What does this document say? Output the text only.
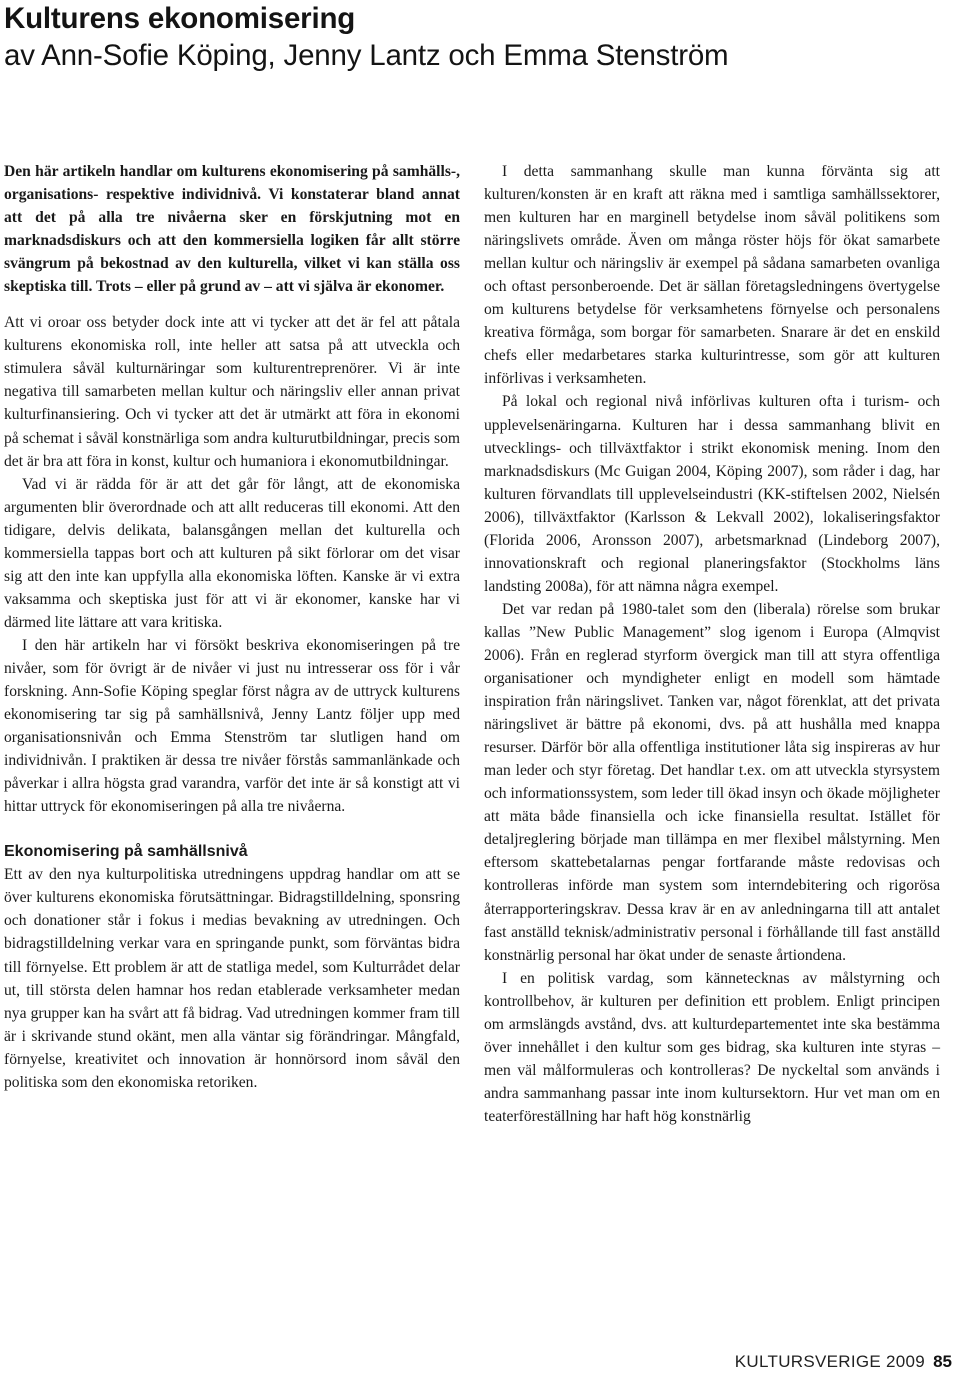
Kulturens ekonomisering
av Ann-Sofie Köping, Jenny Lantz och Emma Stenström

Den här artikeln handlar om kulturens ekonomisering på samhälls-, organisations- respektive individnivå. Vi konstaterar bland annat att det på alla tre nivåerna sker en förskjutning mot en marknadsdiskurs och att den kommersiella logiken får allt större svängrum på bekostnad av den kulturella, vilket vi kan ställa oss skeptiska till. Trots – eller på grund av – att vi själva är ekonomer.

Att vi oroar oss betyder dock inte att vi tycker att det är fel att påtala kulturens ekonomiska roll, inte heller att satsa på att utveckla och stimulera såväl kulturnäringar som kulturentreprenörer. Vi är inte negativa till samarbeten mellan kultur och näringsliv eller annan privat kulturfinansiering. Och vi tycker att det är utmärkt att föra in ekonomi på schemat i såväl konstnärliga som andra kulturutbildningar, precis som det är bra att föra in konst, kultur och humaniora i ekonomutbildningar.

Vad vi är rädda för är att det går för långt, att de ekonomiska argumenten blir överordnade och att allt reduceras till ekonomi. Att den tidigare, delvis delikata, balansgången mellan det kulturella och kommersiella tappas bort och att kulturen på sikt förlorar om det visar sig att den inte kan uppfylla alla ekonomiska löften. Kanske är vi extra vaksamma och skeptiska just för att vi är ekonomer, kanske har vi därmed lite lättare att vara kritiska.

I den här artikeln har vi försökt beskriva ekonomiseringen på tre nivåer, som för övrigt är de nivåer vi just nu intresserar oss för i vår forskning. Ann-Sofie Köping speglar först några av de uttryck kulturens ekonomisering tar sig på samhällsnivå, Jenny Lantz följer upp med organisationsnivån och Emma Stenström tar slutligen hand om individnivån. I praktiken är dessa tre nivåer förstås sammanlänkade och påverkar i allra högsta grad varandra, varför det inte är så konstigt att vi hittar uttryck för ekonomiseringen på alla tre nivåerna.

Ekonomisering på samhällsnivå

Ett av den nya kulturpolitiska utredningens uppdrag handlar om att se över kulturens ekonomiska förutsättningar. Bidragstilldelning, sponsring och donationer står i fokus i medias bevakning av utredningen. Och bidragstilldelning verkar vara en springande punkt, som förväntas bidra till förnyelse. Ett problem är att de statliga medel, som Kulturrådet delar ut, till största delen hamnar hos redan etablerade verksamheter medan nya grupper kan ha svårt att få bidrag. Vad utredningen kommer fram till är i skrivande stund okänt, men alla väntar sig förändringar. Mångfald, förnyelse, kreativitet och innovation är honnörsord inom såväl den politiska som den ekonomiska retoriken.

I detta sammanhang skulle man kunna förvänta sig att kulturen/konsten är en kraft att räkna med i samtliga samhällssektorer, men kulturen har en marginell betydelse inom såväl politikens som näringslivets område. Även om många röster höjs för ökat samarbete mellan kultur och näringsliv är exempel på sådana samarbeten ovanliga och oftast personberoende. Det är sällan företagsledningens övertygelse om kulturens betydelse för verksamhetens förnyelse och personalens kreativa förmåga, som borgar för samarbeten. Snarare är det en enskild chefs eller medarbetares starka kulturintresse, som gör att kulturen införlivas i verksamheten.

På lokal och regional nivå införlivas kulturen ofta i turism- och upplevelsenäringarna. Kulturen har i dessa sammanhang blivit en utvecklings- och tillväxtfaktor i strikt ekonomisk mening. Inom den marknadsdiskurs (Mc Guigan 2004, Köping 2007), som råder i dag, har kulturen förvandlats till upplevelseindustri (KK-stiftelsen 2002, Nielsén 2006), tillväxtfaktor (Karlsson & Lekvall 2002), lokaliseringsfaktor (Florida 2006, Aronsson 2007), arbetsmarknad (Lindeborg 2007), innovationskraft och regional planeringsfaktor (Stockholms läns landsting 2008a), för att nämna några exempel.

Det var redan på 1980-talet som den (liberala) rörelse som brukar kallas ”New Public Management” slog igenom i Europa (Almqvist 2006). Från en reglerad styrform övergick man till att styra offentliga organisationer och myndigheter enligt en modell som hämtade inspiration från näringslivet. Tanken var, något förenklat, att det privata näringslivet är bättre på ekonomi, dvs. på att hushålla med knappa resurser. Därför bör alla offentliga institutioner låta sig inspireras av hur man leder och styr företag. Det handlar t.ex. om att utveckla styrsystem och informationssystem, som leder till ökad insyn och ökade möjligheter att mäta både finansiella och icke finansiella resultat. Istället för detaljreglering började man tillämpa en mer flexibel målstyrning. Men eftersom skattebetalarnas pengar fortfarande måste redovisas och kontrolleras införde man system som interndebitering och rigorösa återrapporteringskrav. Dessa krav är en av anledningarna till att antalet fast anställd teknisk/administrativ personal i förhållande till fast anställd konstnärlig personal har ökat under de senaste årtiondena.

I en politisk vardag, som kännetecknas av målstyrning och kontrollbehov, är kulturen per definition ett problem. Enligt principen om armslängds avstånd, dvs. att kulturdepartementet inte ska bestämma över innehållet i den kultur som ges bidrag, ska kulturen inte styras – men väl målformuleras och kontrolleras? De nyckeltal som används i andra sammanhang passar inte inom kultursektorn. Hur vet man om en teaterföreställning har haft hög konstnärlig

KULTURSVERIGE 2009 85
